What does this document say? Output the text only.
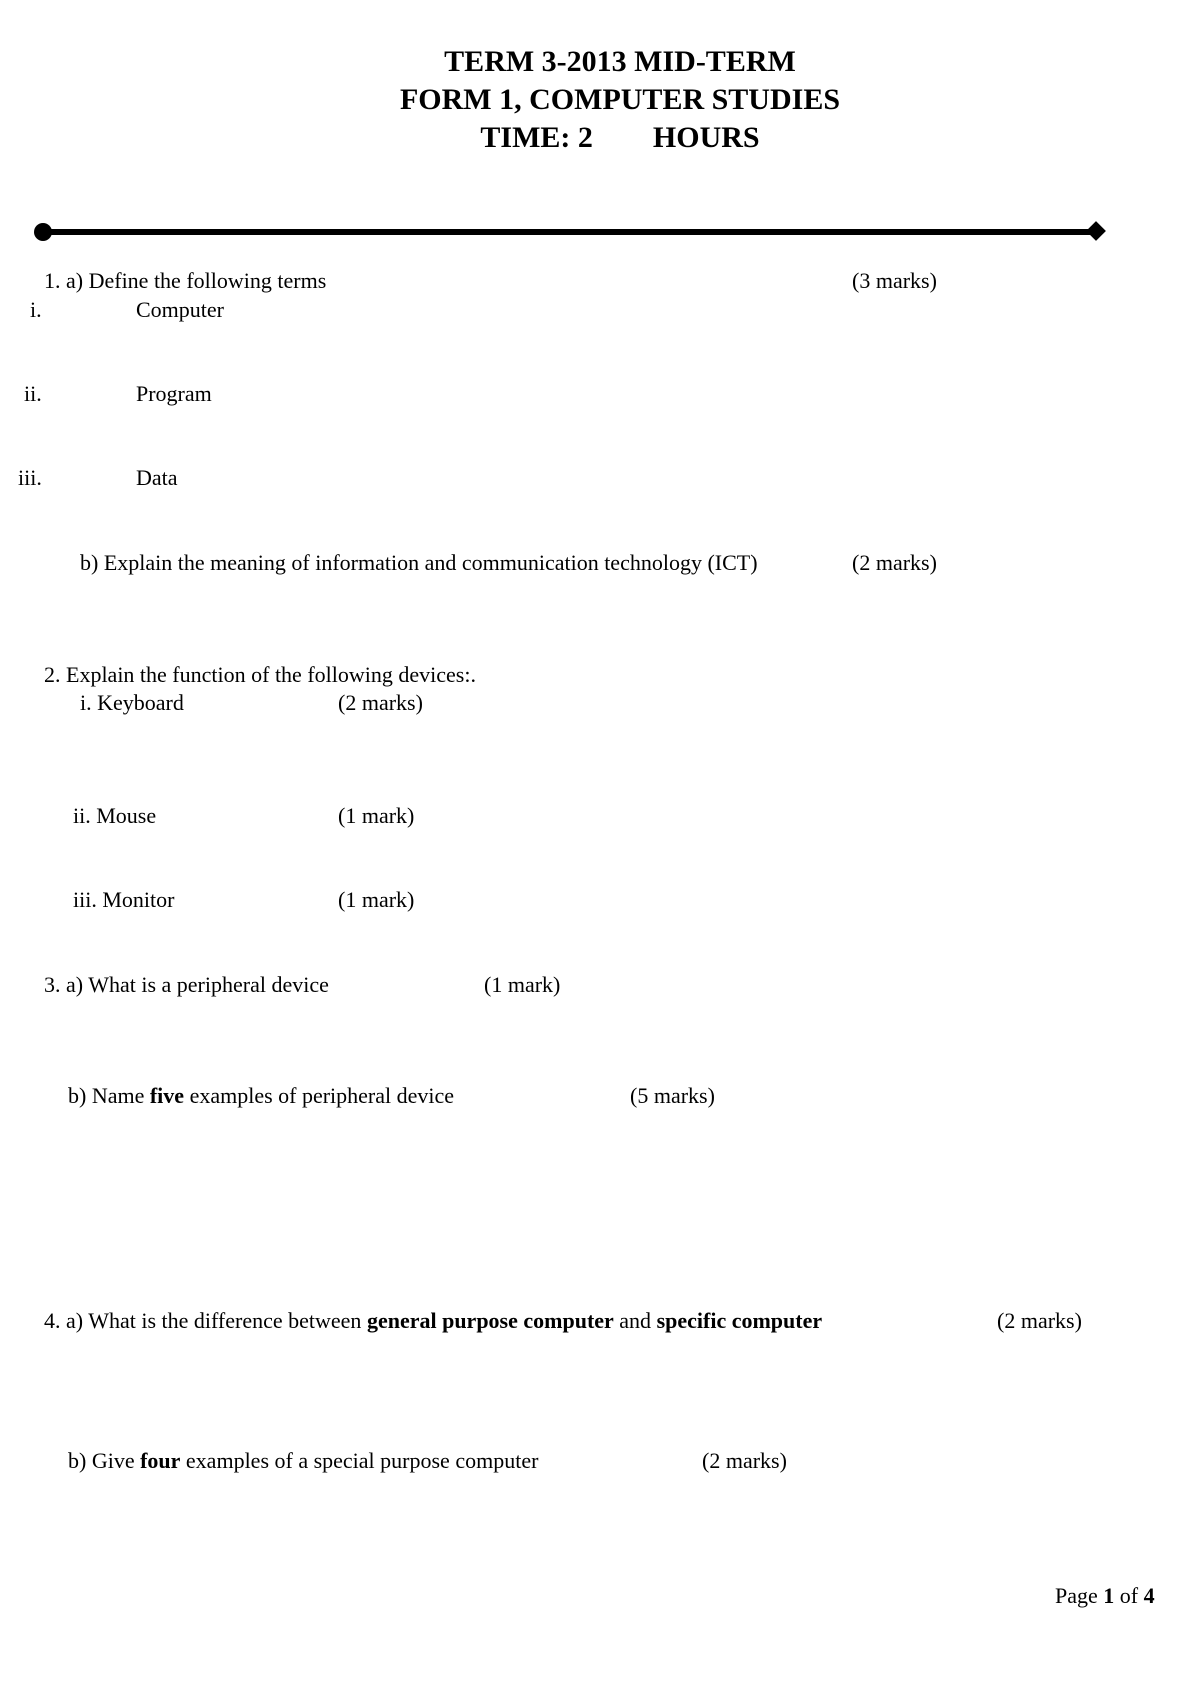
TERM 3-2013 MID-TERM
FORM 1, COMPUTER STUDIES
TIME: 2        HOURS
1. a) Define the following terms	(3 marks)
i.	Computer
ii.	Program
iii.	Data
b) Explain the meaning of information and communication technology (ICT)	(2 marks)
2. Explain the function of the following devices:.
i. Keyboard	(2 marks)
ii. Mouse	(1 mark)
iii. Monitor	(1 mark)
3. a) What is a peripheral device	(1 mark)
b) Name five examples of peripheral device	(5 marks)
4. a) What is the difference between general purpose computer and specific computer	(2 marks)
b) Give four examples of a special purpose computer	(2 marks)
Page 1 of 4
